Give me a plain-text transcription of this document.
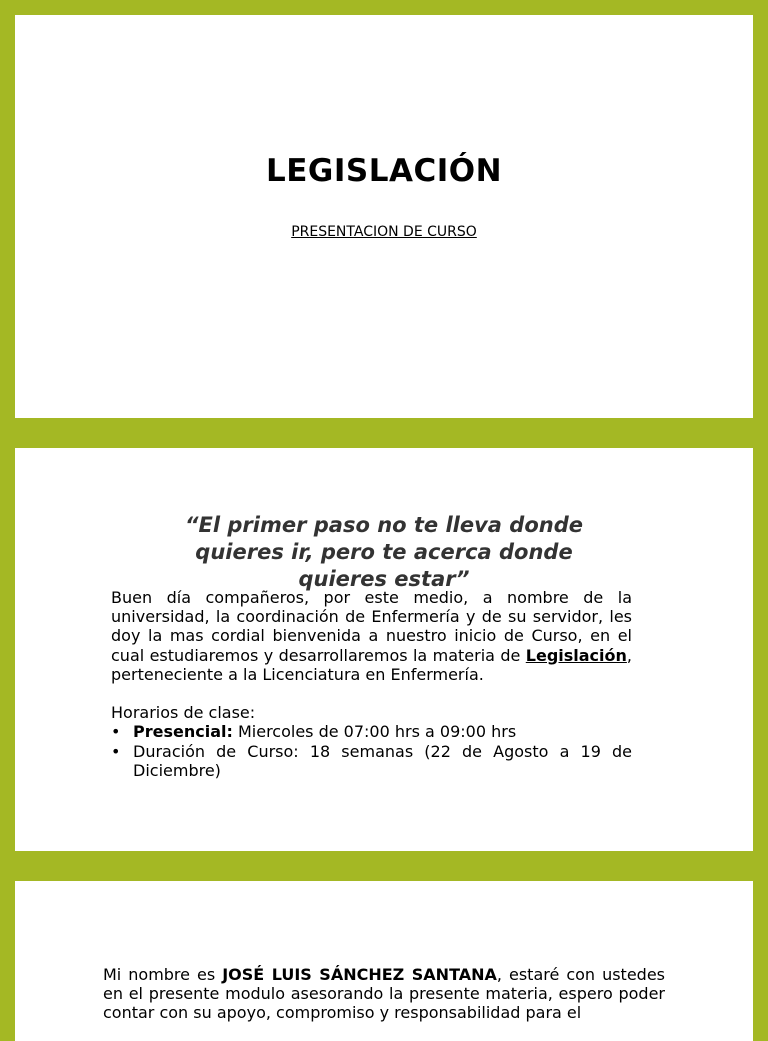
LEGISLACIÓN

PRESENTACION DE CURSO

“El primer paso no te lleva donde quieres ir, pero te acerca donde quieres estar”

Buen día compañeros, por este medio, a nombre de la universidad, la coordinación de Enfermería y de su servidor, les doy la mas cordial bienvenida a nuestro inicio de Curso, en el cual estudiaremos y desarrollaremos la materia de Legislación, perteneciente a la Licenciatura en Enfermería.

Horarios de clase:

• Presencial: Miercoles de 07:00 hrs a 09:00 hrs
• Duración de Curso: 18 semanas (22 de Agosto a 19 de Diciembre)

Mi nombre es JOSÉ LUIS SÁNCHEZ SANTANA, estaré con ustedes en el presente modulo asesorando la presente materia, espero poder contar con su apoyo, compromiso y responsabilidad para el
